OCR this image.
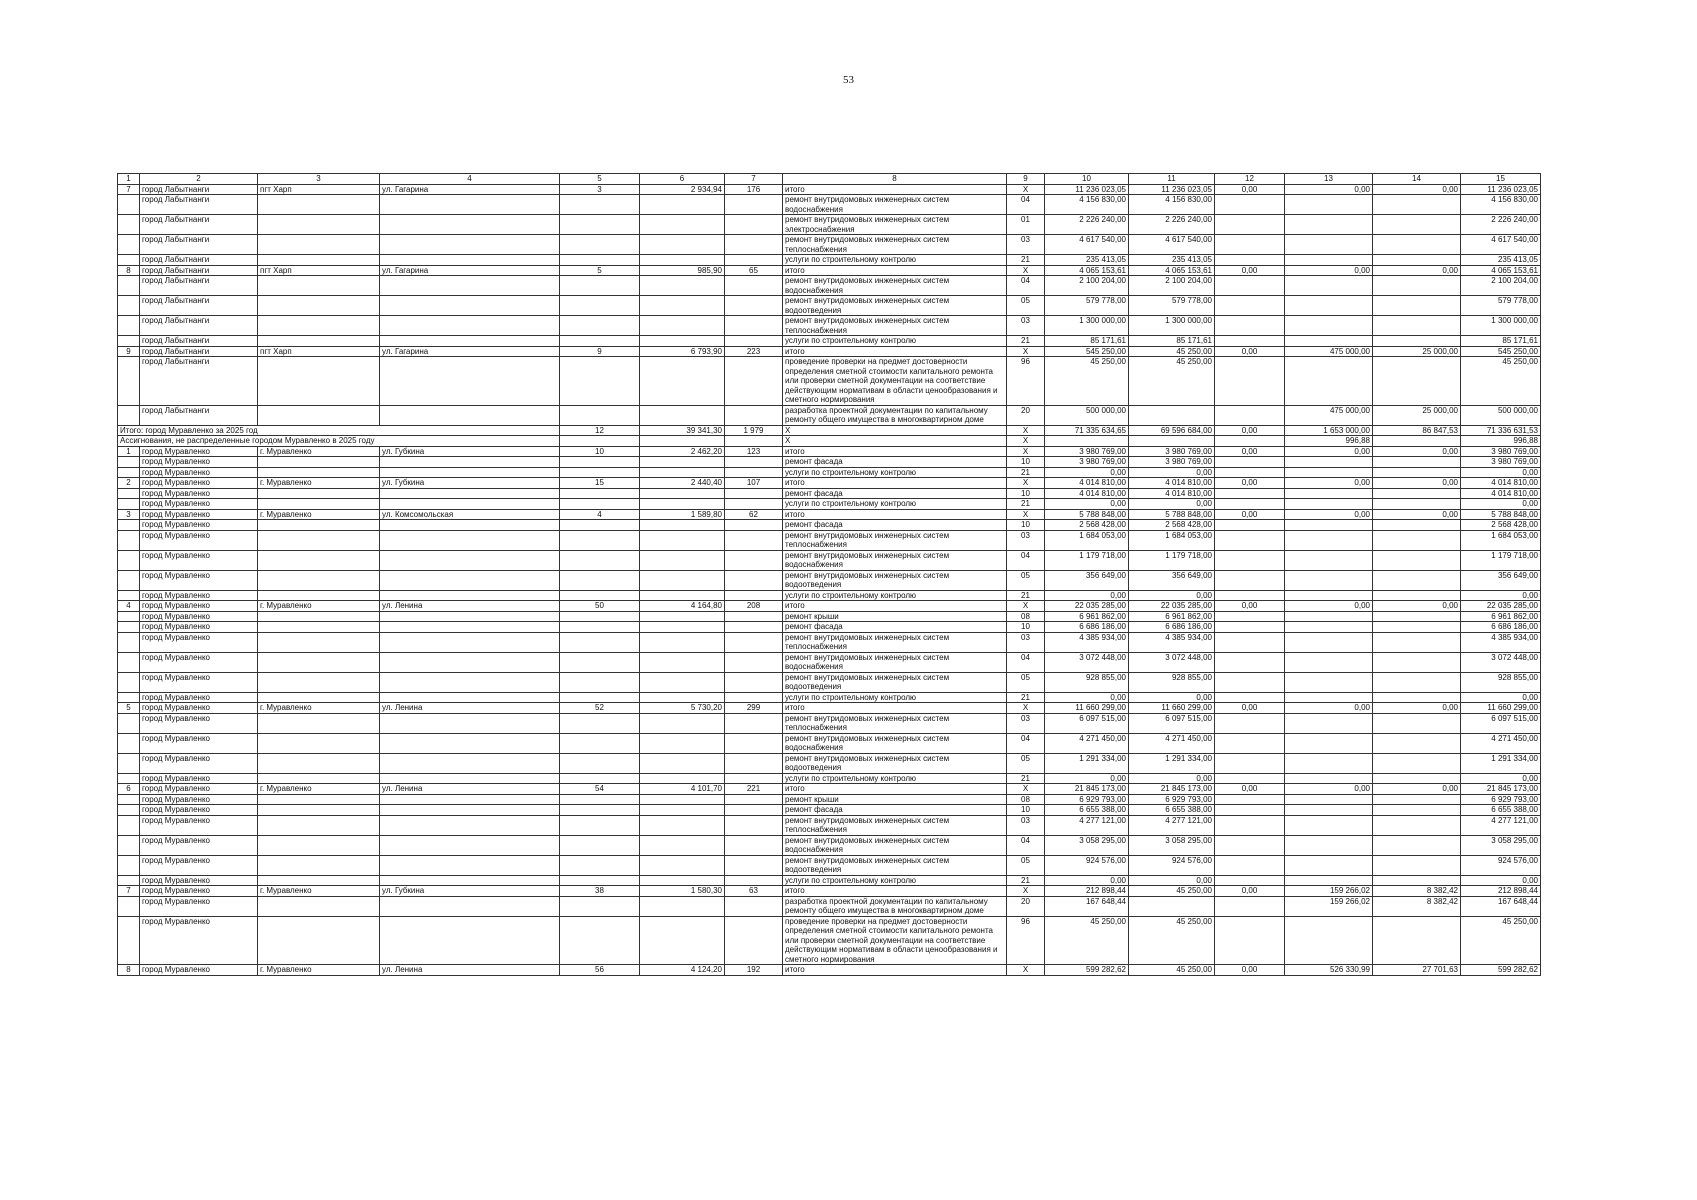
53
1	2	3	4	5	6	7	8	9	10	11	12	13	14	15
7	город Лабытнанги	пгт Харп	ул. Гагарина	3	2 934,94	176	итого	Х	11 236 023,05	11 236 023,05	0,00	0,00	0,00	11 236 023,05
	город Лабытнанги						ремонт внутридомовых инженерных систем водоснабжения	04	4 156 830,00	4 156 830,00				4 156 830,00
	город Лабытнанги						ремонт внутридомовых инженерных систем электроснабжения	01	2 226 240,00	2 226 240,00				2 226 240,00
	город Лабытнанги						ремонт внутридомовых инженерных систем теплоснабжения	03	4 617 540,00	4 617 540,00				4 617 540,00
	город Лабытнанги						услуги по строительному контролю	21	235 413,05	235 413,05				235 413,05
8	город Лабытнанги	пгт Харп	ул. Гагарина	5	985,90	65	итого	Х	4 065 153,61	4 065 153,61	0,00	0,00	0,00	4 065 153,61
	город Лабытнанги						ремонт внутридомовых инженерных систем водоснабжения	04	2 100 204,00	2 100 204,00				2 100 204,00
	город Лабытнанги						ремонт внутридомовых инженерных систем водоотведения	05	579 778,00	579 778,00				579 778,00
	город Лабытнанги						ремонт внутридомовых инженерных систем теплоснабжения	03	1 300 000,00	1 300 000,00				1 300 000,00
	город Лабытнанги						услуги по строительному контролю	21	85 171,61	85 171,61				85 171,61
9	город Лабытнанги	пгт Харп	ул. Гагарина	9	6 793,90	223	итого	Х	545 250,00	45 250,00	0,00	475 000,00	25 000,00	545 250,00
	город Лабытнанги						проведение проверки на предмет достоверности определения сметной стоимости капитального ремонта или проверки сметной документации на соответствие действующим нормативам в области ценообразования и сметного нормирования	96	45 250,00	45 250,00				45 250,00
	город Лабытнанги						разработка проектной документации по капитальному ремонту общего имущества в многоквартирном доме	20	500 000,00			475 000,00	25 000,00	500 000,00
Итого: город Муравленко за 2025 год				12	39 341,30	1 979	Х	Х	71 335 634,65	69 596 684,00	0,00	1 653 000,00	86 847,53	71 336 631,53
Ассигнования, не распределенные городом Муравленко в 2025 году							Х	Х				996,88		996,88
1	город Муравленко	г. Муравленко	ул. Губкина	10	2 462,20	123	итого	Х	3 980 769,00	3 980 769,00	0,00	0,00	0,00	3 980 769,00
	город Муравленко						ремонт фасада	10	3 980 769,00	3 980 769,00				3 980 769,00
	город Муравленко						услуги по строительному контролю	21	0,00	0,00				0,00
2	город Муравленко	г. Муравленко	ул. Губкина	15	2 440,40	107	итого	Х	4 014 810,00	4 014 810,00	0,00	0,00	0,00	4 014 810,00
	город Муравленко						ремонт фасада	10	4 014 810,00	4 014 810,00				4 014 810,00
	город Муравленко						услуги по строительному контролю	21	0,00	0,00				0,00
3	город Муравленко	г. Муравленко	ул. Комсомольская	4	1 589,80	62	итого	Х	5 788 848,00	5 788 848,00	0,00	0,00	0,00	5 788 848,00
	город Муравленко						ремонт фасада	10	2 568 428,00	2 568 428,00				2 568 428,00
	город Муравленко						ремонт внутридомовых инженерных систем теплоснабжения	03	1 684 053,00	1 684 053,00				1 684 053,00
	город Муравленко						ремонт внутридомовых инженерных систем водоснабжения	04	1 179 718,00	1 179 718,00				1 179 718,00
	город Муравленко						ремонт внутридомовых инженерных систем водоотведения	05	356 649,00	356 649,00				356 649,00
	город Муравленко						услуги по строительному контролю	21	0,00	0,00				0,00
4	город Муравленко	г. Муравленко	ул. Ленина	50	4 164,80	208	итого	Х	22 035 285,00	22 035 285,00	0,00	0,00	0,00	22 035 285,00
	город Муравленко						ремонт крыши	08	6 961 862,00	6 961 862,00				6 961 862,00
	город Муравленко						ремонт фасада	10	6 686 186,00	6 686 186,00				6 686 186,00
	город Муравленко						ремонт внутридомовых инженерных систем теплоснабжения	03	4 385 934,00	4 385 934,00				4 385 934,00
	город Муравленко						ремонт внутридомовых инженерных систем водоснабжения	04	3 072 448,00	3 072 448,00				3 072 448,00
	город Муравленко						ремонт внутридомовых инженерных систем водоотведения	05	928 855,00	928 855,00				928 855,00
	город Муравленко						услуги по строительному контролю	21	0,00	0,00				0,00
5	город Муравленко	г. Муравленко	ул. Ленина	52	5 730,20	299	итого	Х	11 660 299,00	11 660 299,00	0,00	0,00	0,00	11 660 299,00
	город Муравленко						ремонт внутридомовых инженерных систем теплоснабжения	03	6 097 515,00	6 097 515,00				6 097 515,00
	город Муравленко						ремонт внутридомовых инженерных систем водоснабжения	04	4 271 450,00	4 271 450,00				4 271 450,00
	город Муравленко						ремонт внутридомовых инженерных систем водоотведения	05	1 291 334,00	1 291 334,00				1 291 334,00
	город Муравленко						услуги по строительному контролю	21	0,00	0,00				0,00
6	город Муравленко	г. Муравленко	ул. Ленина	54	4 101,70	221	итого	Х	21 845 173,00	21 845 173,00	0,00	0,00	0,00	21 845 173,00
	город Муравленко						ремонт крыши	08	6 929 793,00	6 929 793,00				6 929 793,00
	город Муравленко						ремонт фасада	10	6 655 388,00	6 655 388,00				6 655 388,00
	город Муравленко						ремонт внутридомовых инженерных систем теплоснабжения	03	4 277 121,00	4 277 121,00				4 277 121,00
	город Муравленко						ремонт внутридомовых инженерных систем водоснабжения	04	3 058 295,00	3 058 295,00				3 058 295,00
	город Муравленко						ремонт внутридомовых инженерных систем водоотведения	05	924 576,00	924 576,00				924 576,00
	город Муравленко						услуги по строительному контролю	21	0,00	0,00				0,00
7	город Муравленко	г. Муравленко	ул. Губкина	38	1 580,30	63	итого	Х	212 898,44	45 250,00	0,00	159 266,02	8 382,42	212 898,44
	город Муравленко						разработка проектной документации по капитальному ремонту общего имущества в многоквартирном доме	20	167 648,44			159 266,02	8 382,42	167 648,44
	город Муравленко						проведение проверки на предмет достоверности определения сметной стоимости капитального ремонта или проверки сметной документации на соответствие действующим нормативам в области ценообразования и сметного нормирования	96	45 250,00	45 250,00				45 250,00
8	город Муравленко	г. Муравленко	ул. Ленина	56	4 124,20	192	итого	Х	599 282,62	45 250,00	0,00	526 330,99	27 701,63	599 282,62
